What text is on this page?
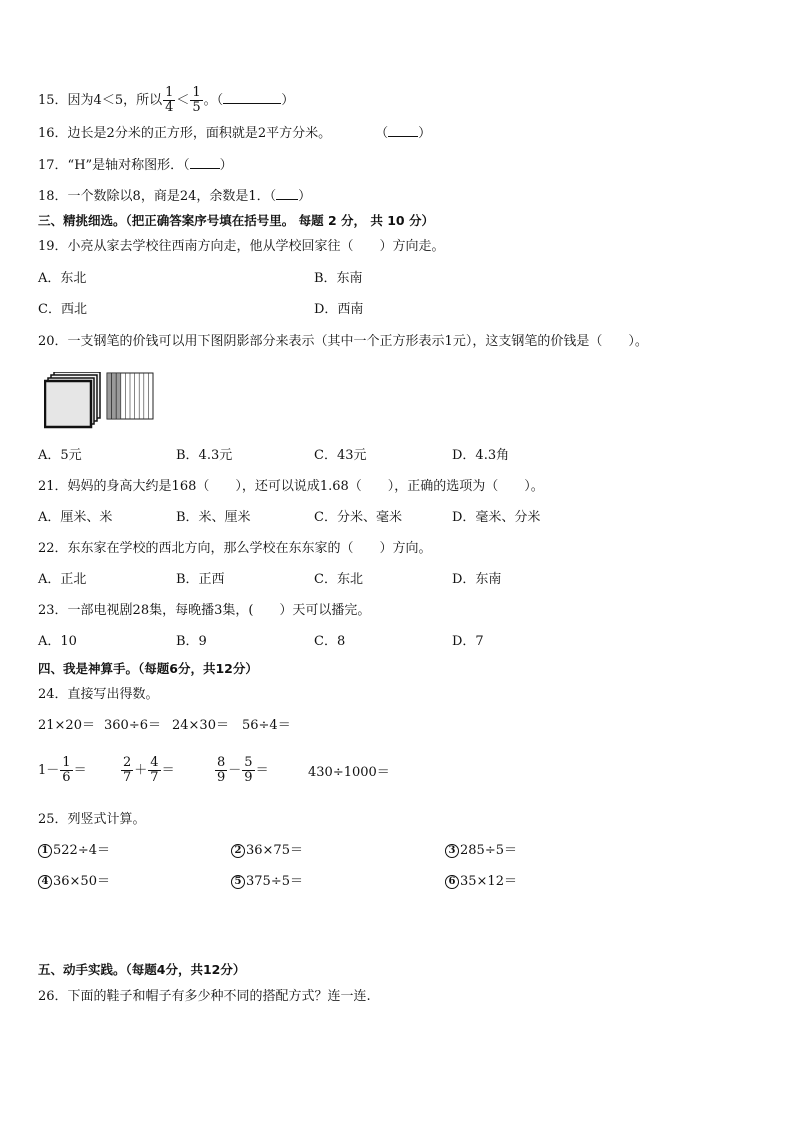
15．因为4＜5，所以 $\frac{1}{4} < \frac{1}{5}$ 。（	）
16．边长是2分米的正方形，面积就是2平方分米。	（ ）
17．“H”是轴对称图形．（ ）
18．一个数除以8，商是24，余数是1．（ ）
三、精挑细选。（把正确答案序号填在括号里。 每题 2 分， 共 10 分）
19．小亮从家去学校往西南方向走，他从学校回家往（　　）方向走。
A．东北	B．东南
C．西北	D．西南
20．一支钢笔的价钱可以用下图阴影部分来表示（其中一个正方形表示1元），这支钢笔的价钱是（　　）。
A．5元	B．4.3元	C．43元	D．4.3角
21．妈妈的身高大约是168（　　），还可以说成1.68（　　），正确的选项为（　　）。
A．厘米、米	B．米、厘米	C．分米、毫米	D．毫米、分米
22．东东家在学校的西北方向，那么学校在东东家的（　　）方向。
A．正北	B．正西	C．东北	D．东南
23．一部电视剧28集，每晚播3集，(　　）天可以播完。
A．10	B．9	C．8	D．7
四、我是神算手。（每题6分，共12分）
24．直接写出得数。
21×20＝ 360÷6＝ 24×30＝ 56÷4＝
$1- \frac{1}{6}$ ＝	$\frac{2}{7} + \frac{4}{7}$ ＝	$\frac{8}{9} - \frac{5}{9}$ ＝	430÷1000＝
25．列竖式计算。
1 522÷4＝	2 36×75＝	3 285÷5＝
4 36×50＝	5 375÷5＝	6 35×12＝
五、动手实践。（每题4分，共12分）
26．下面的鞋子和帽子有多少种不同的搭配方式？连一连.
